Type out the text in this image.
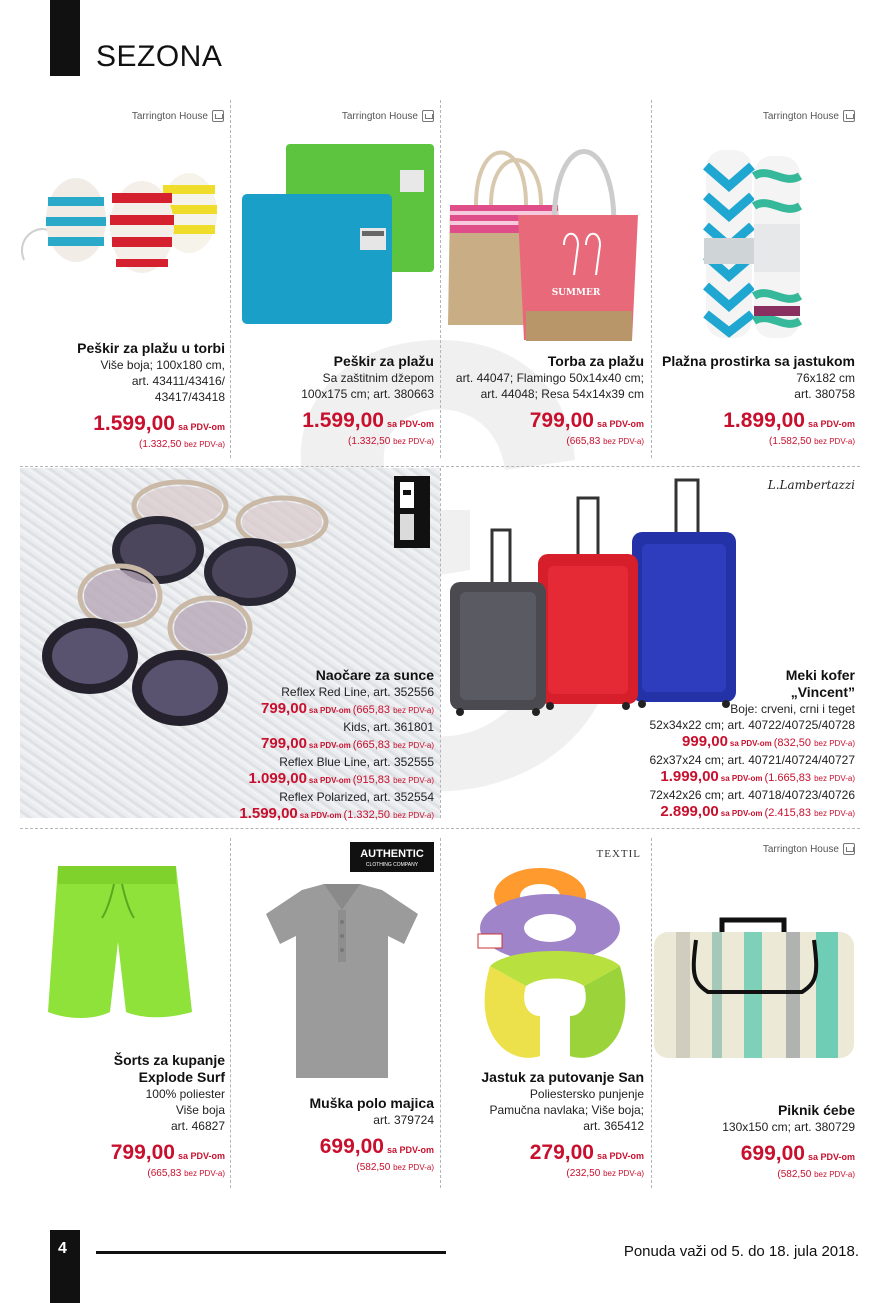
SEZONA
Tarrington House
Peškir za plažu u torbi
Više boja; 100x180 cm,
art. 43411/43416/
43417/43418
1.599,00 sa PDV-om
(1.332,50 bez PDV-a)
Tarrington House
Peškir za plažu
Sa zaštitnim džepom
100x175 cm; art. 380663
1.599,00 sa PDV-om
(1.332,50 bez PDV-a)
SUMMER
Torba za plažu
art. 44047; Flamingo 50x14x40 cm;
art. 44048; Resa 54x14x39 cm
799,00 sa PDV-om
(665,83 bez PDV-a)
Tarrington House
Plažna prostirka sa jastukom
76x182 cm
art. 380758
1.899,00 sa PDV-om
(1.582,50 bez PDV-a)
Naočare za sunce
Reflex Red Line, art. 352556
799,00 sa PDV-om (665,83 bez PDV-a)
Kids, art. 361801
799,00 sa PDV-om (665,83 bez PDV-a)
Reflex Blue Line, art. 352555
1.099,00 sa PDV-om (915,83 bez PDV-a)
Reflex Polarized, art. 352554
1.599,00 sa PDV-om (1.332,50 bez PDV-a)
L.Lambertazzi
Meki kofer
„Vincent”
Boje: crveni, crni i teget
52x34x22 cm; art. 40722/40725/40728
999,00 sa PDV-om (832,50 bez PDV-a)
62x37x24 cm; art. 40721/40724/40727
1.999,00 sa PDV-om (1.665,83 bez PDV-a)
72x42x26 cm; art. 40718/40723/40726
2.899,00 sa PDV-om (2.415,83 bez PDV-a)
Šorts za kupanje
Explode Surf
100% poliester
Više boja
art. 46827
799,00 sa PDV-om
(665,83 bez PDV-a)
AUTHENTIC
CLOTHING COMPANY
Muška polo majica
art. 379724
699,00 sa PDV-om
(582,50 bez PDV-a)
TEXTIL
Jastuk za putovanje San
Poliestersko punjenje
Pamučna navlaka; Više boja;
art. 365412
279,00 sa PDV-om
(232,50 bez PDV-a)
Tarrington House
Piknik ćebe
130x150 cm; art. 380729
699,00 sa PDV-om
(582,50 bez PDV-a)
4	Ponuda važi od 5. do 18. jula 2018.
